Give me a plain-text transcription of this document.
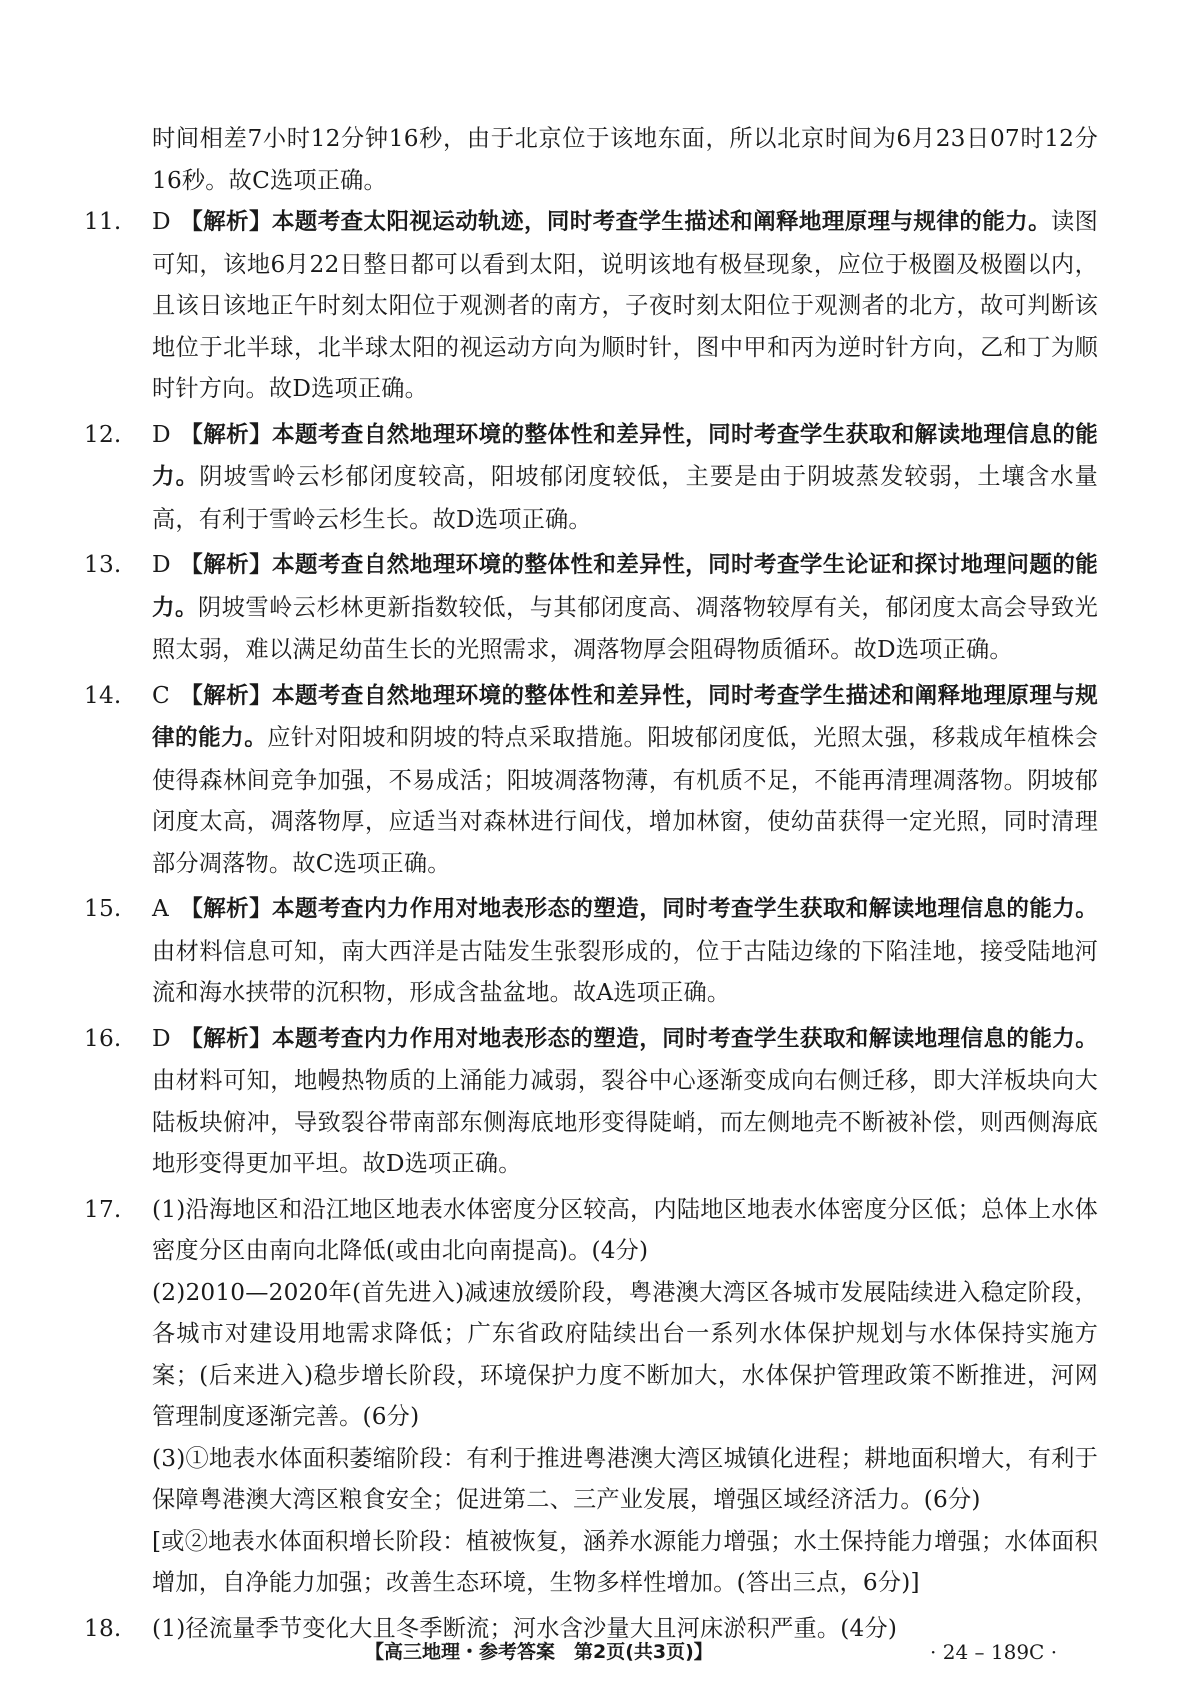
时间相差7小时12分钟16秒，由于北京位于该地东面，所以北京时间为6月23日07时12分16秒。故C选项正确。

11. D 【解析】本题考查太阳视运动轨迹，同时考查学生描述和阐释地理原理与规律的能力。读图可知，该地6月22日整日都可以看到太阳，说明该地有极昼现象，应位于极圈及极圈以内，且该日该地正午时刻太阳位于观测者的南方，子夜时刻太阳位于观测者的北方，故可判断该地位于北半球，北半球太阳的视运动方向为顺时针，图中甲和丙为逆时针方向，乙和丁为顺时针方向。故D选项正确。
12. D 【解析】本题考查自然地理环境的整体性和差异性，同时考查学生获取和解读地理信息的能力。阴坡雪岭云杉郁闭度较高，阳坡郁闭度较低，主要是由于阴坡蒸发较弱，土壤含水量高，有利于雪岭云杉生长。故D选项正确。
13. D 【解析】本题考查自然地理环境的整体性和差异性，同时考查学生论证和探讨地理问题的能力。阴坡雪岭云杉林更新指数较低，与其郁闭度高、凋落物较厚有关，郁闭度太高会导致光照太弱，难以满足幼苗生长的光照需求，凋落物厚会阻碍物质循环。故D选项正确。
14. C 【解析】本题考查自然地理环境的整体性和差异性，同时考查学生描述和阐释地理原理与规律的能力。应针对阳坡和阴坡的特点采取措施。阳坡郁闭度低，光照太强，移栽成年植株会使得森林间竞争加强，不易成活；阳坡凋落物薄，有机质不足，不能再清理凋落物。阴坡郁闭度太高，凋落物厚，应适当对森林进行间伐，增加林窗，使幼苗获得一定光照，同时清理部分凋落物。故C选项正确。
15. A 【解析】本题考查内力作用对地表形态的塑造，同时考查学生获取和解读地理信息的能力。由材料信息可知，南大西洋是古陆发生张裂形成的，位于古陆边缘的下陷洼地，接受陆地河流和海水挟带的沉积物，形成含盐盆地。故A选项正确。
16. D 【解析】本题考查内力作用对地表形态的塑造，同时考查学生获取和解读地理信息的能力。由材料可知，地幔热物质的上涌能力减弱，裂谷中心逐渐变成向右侧迁移，即大洋板块向大陆板块俯冲，导致裂谷带南部东侧海底地形变得陡峭，而左侧地壳不断被补偿，则西侧海底地形变得更加平坦。故D选项正确。
17. (1)沿海地区和沿江地区地表水体密度分区较高，内陆地区地表水体密度分区低；总体上水体密度分区由南向北降低(或由北向南提高)。(4分)

(2)2010—2020年(首先进入)减速放缓阶段，粤港澳大湾区各城市发展陆续进入稳定阶段，各城市对建设用地需求降低；广东省政府陆续出台一系列水体保护规划与水体保持实施方案；(后来进入)稳步增长阶段，环境保护力度不断加大，水体保护管理政策不断推进，河网管理制度逐渐完善。(6分)

(3)①地表水体面积萎缩阶段：有利于推进粤港澳大湾区城镇化进程；耕地面积增大，有利于保障粤港澳大湾区粮食安全；促进第二、三产业发展，增强区域经济活力。(6分)

[或②地表水体面积增长阶段：植被恢复，涵养水源能力增强；水土保持能力增强；水体面积增加，自净能力加强；改善生态环境，生物多样性增加。(答出三点，6分)]

18. (1)径流量季节变化大且冬季断流；河水含沙量大且河床淤积严重。(4分)
【高三地理・参考答案　第2页(共3页)】	· 24 – 189C ·
